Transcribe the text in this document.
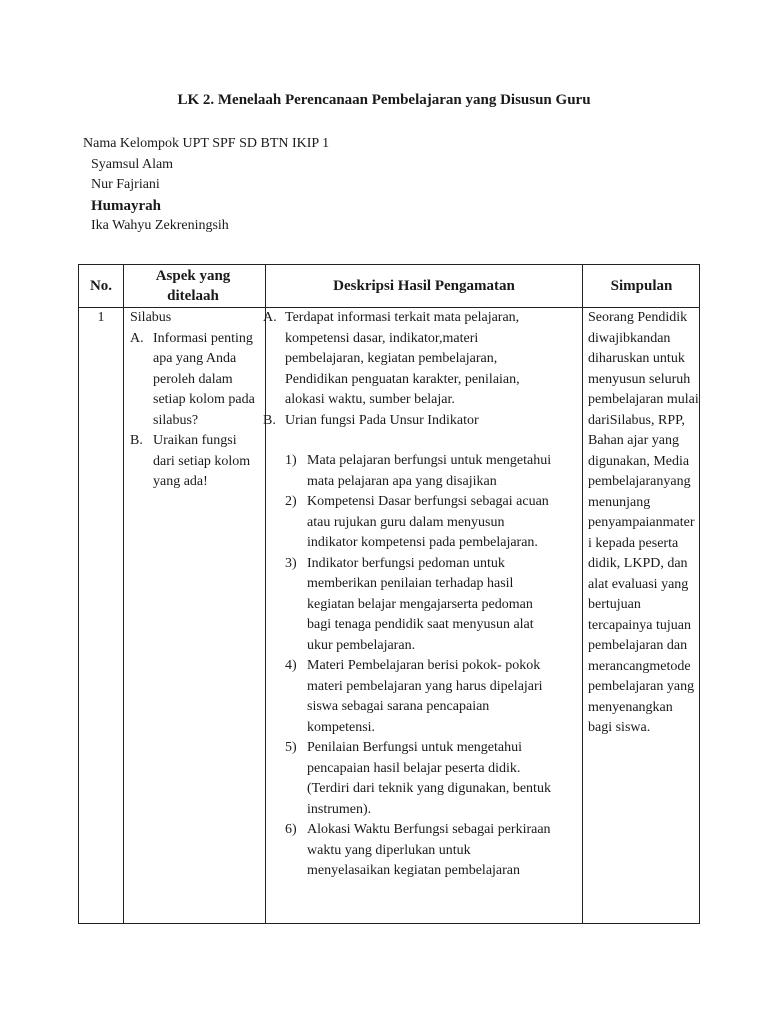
LK 2. Menelaah Perencanaan Pembelajaran yang Disusun Guru
Nama Kelompok UPT SPF SD BTN IKIP 1
Syamsul Alam
Nur Fajriani
Humayrah
Ika Wahyu Zekreningsih
No.
Aspek yang ditelaah
Deskripsi Hasil Pengamatan	Simpulan
1	Silabus
A. Informasi penting apa yang Anda peroleh dalam setiap kolom pada silabus?
B. Uraikan fungsi dari setiap kolom yang ada!
A. Terdapat informasi terkait mata pelajaran, kompetensi dasar, indikator,materi pembelajaran, kegiatan pembelajaran, Pendidikan penguatan karakter, penilaian, alokasi waktu, sumber belajar.
B. Urian fungsi Pada Unsur Indikator
1) Mata pelajaran berfungsi untuk mengetahui mata pelajaran apa yang disajikan
2) Kompetensi Dasar berfungsi sebagai acuan atau rujukan guru dalam menyusun indikator kompetensi pada pembelajaran.
3) Indikator berfungsi pedoman untuk memberikan penilaian terhadap hasil kegiatan belajar mengajarserta pedoman bagi tenaga pendidik saat menyusun alat ukur pembelajaran.
4) Materi Pembelajaran berisi pokok- pokok materi pembelajaran yang harus dipelajari siswa sebagai sarana pencapaian kompetensi.
5) Penilaian Berfungsi untuk mengetahui pencapaian hasil belajar peserta didik. (Terdiri dari teknik yang digunakan, bentuk instrumen).
6) Alokasi Waktu Berfungsi sebagai perkiraan waktu yang diperlukan untuk menyelasaikan kegiatan pembelajaran
Seorang Pendidik diwajibkandan diharuskan untuk menyusun seluruh pembelajaran mulai dariSilabus, RPP, Bahan ajar yang digunakan, Media pembelajaranyang menunjang penyampaianmater i kepada peserta didik, LKPD, dan alat evaluasi yang bertujuan tercapainya tujuan pembelajaran dan merancangmetode pembelajaran yang menyenangkan bagi siswa.
